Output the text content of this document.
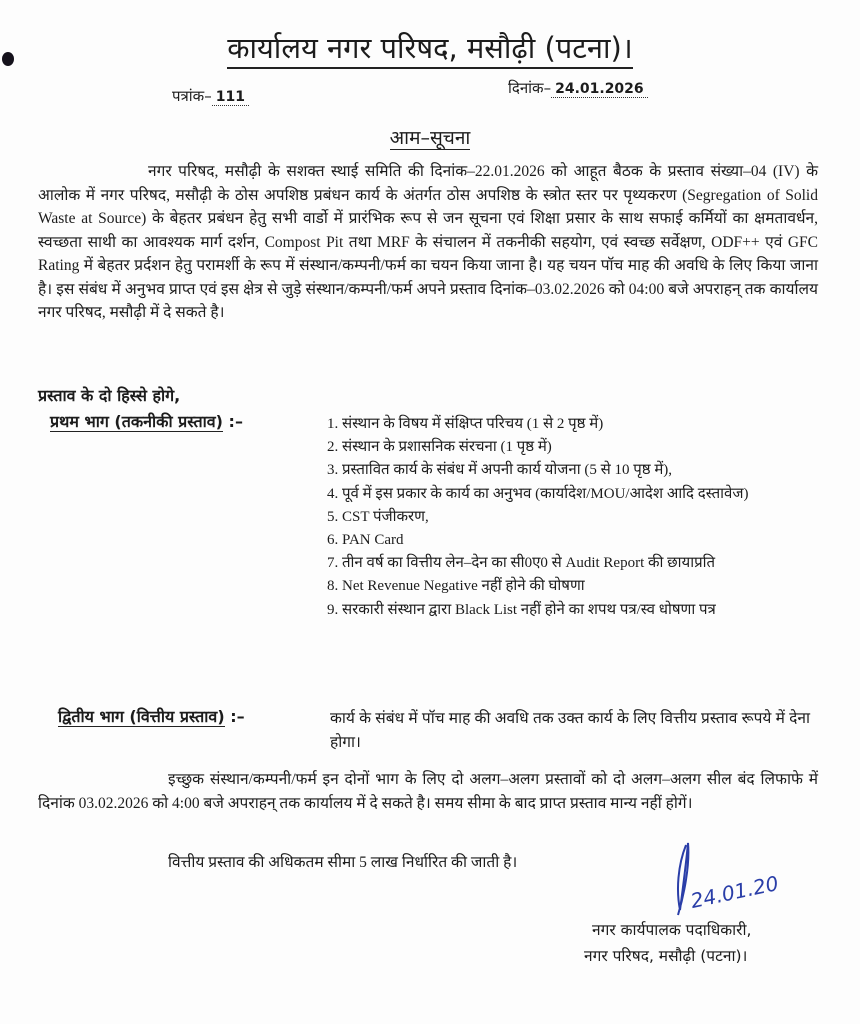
कार्यालय नगर परिषद, मसौढ़ी (पटना)।
पत्रांक– 111	दिनांक– 24.01.2026
आम–सूचना
नगर परिषद, मसौढ़ी के सशक्त स्थाई समिति की दिनांक–22.01.2026 को आहूत बैठक के प्रस्ताव संख्या–04 (IV) के आलोक में नगर परिषद, मसौढ़ी के ठोस अपशिष्ठ प्रबंधन कार्य के अंतर्गत ठोस अपशिष्ठ के स्त्रोत स्तर पर पृथ्यकरण (Segregation of Solid Waste at Source) के बेहतर प्रबंधन हेतु सभी वार्डो में प्रारंभिक रूप से जन सूचना एवं शिक्षा प्रसार के साथ सफाई कर्मियों का क्षमतावर्धन, स्वच्छता साथी का आवश्यक मार्ग दर्शन, Compost Pit तथा MRF के संचालन में तकनीकी सहयोग, एवं स्वच्छ सर्वेक्षण, ODF++ एवं GFC Rating में बेहतर प्रर्दशन हेतु परामर्शी के रूप में संस्थान/कम्पनी/फर्म का चयन किया जाना है। यह चयन पॉच माह की अवधि के लिए किया जाना है। इस संबंध में अनुभव प्राप्त एवं इस क्षेत्र से जुड़े संस्थान/कम्पनी/फर्म अपने प्रस्ताव दिनांक–03.02.2026 को 04:00 बजे अपराहन् तक कार्यालय नगर परिषद, मसौढ़ी में दे सकते है।
प्रस्ताव के दो हिस्से होगे,
प्रथम भाग (तकनीकी प्रस्ताव) :–	1. संस्थान के विषय में संक्षिप्त परिचय (1 से 2 पृष्ठ में)
2. संस्थान के प्रशासनिक संरचना (1 पृष्ठ में)
3. प्रस्तावित कार्य के संबंध में अपनी कार्य योजना (5 से 10 पृष्ठ में),
4. पूर्व में इस प्रकार के कार्य का अनुभव (कार्यादेश/MOU/आदेश आदि दस्तावेज)
5. CST पंजीकरण,
6. PAN Card
7. तीन वर्ष का वित्तीय लेन–देन का सी0ए0 से Audit Report की छायाप्रति
8. Net Revenue Negative नहीं होने की घोषणा
9. सरकारी संस्थान द्वारा Black List नहीं होने का शपथ पत्र/स्व धोषणा पत्र
द्वितीय भाग (वित्तीय प्रस्ताव) :–	कार्य के संबंध में पॉच माह की अवधि तक उक्त कार्य के लिए वित्तीय प्रस्ताव रूपये में देना होगा।
इच्छुक संस्थान/कम्पनी/फर्म इन दोनों भाग के लिए दो अलग–अलग प्रस्तावों को दो अलग–अलग सील बंद लिफाफे में दिनांक 03.02.2026 को 4:00 बजे अपराहन् तक कार्यालय में दे सकते है। समय सीमा के बाद प्राप्त प्रस्ताव मान्य नहीं होगें।
वित्तीय प्रस्ताव की अधिकतम सीमा 5 लाख निर्धारित की जाती है।
24.01.20
नगर कार्यपालक पदाधिकारी,
नगर परिषद, मसौढ़ी (पटना)।
